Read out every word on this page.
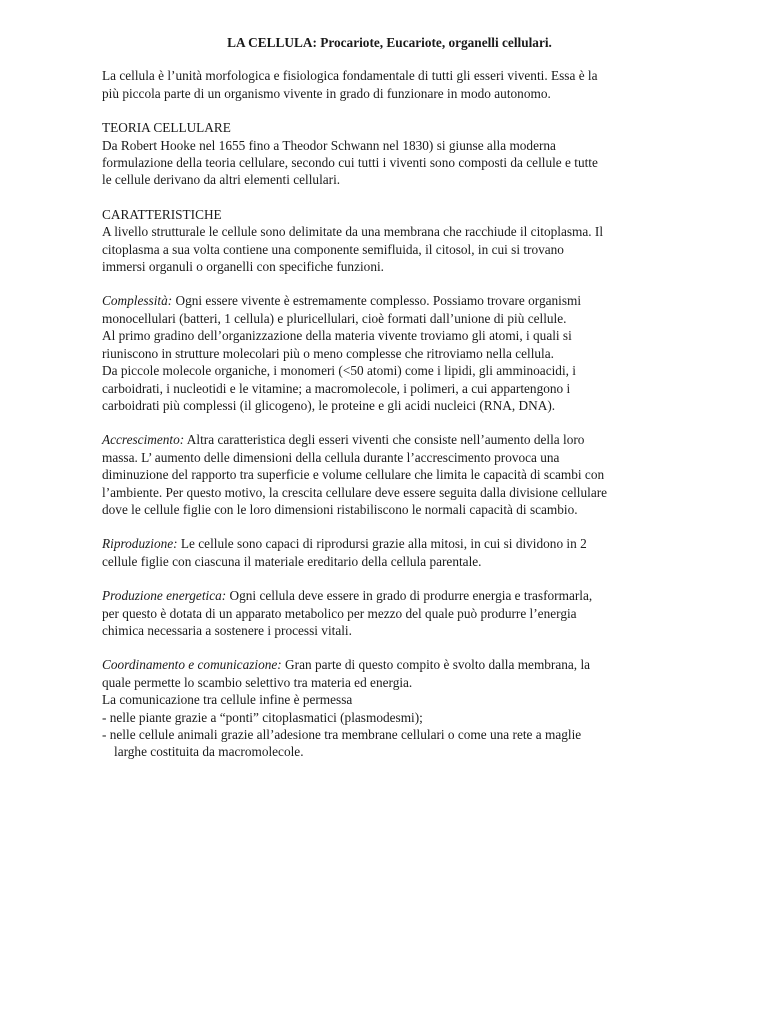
LA CELLULA: Procariote, Eucariote, organelli cellulari.
La cellula è l’unità morfologica e fisiologica fondamentale di tutti gli esseri viventi. Essa è la
più piccola parte di un organismo vivente in grado di funzionare in modo autonomo.
TEORIA CELLULARE
Da Robert Hooke nel 1655 fino a Theodor Schwann nel 1830) si giunse alla moderna
formulazione della teoria cellulare, secondo cui tutti i viventi sono composti da cellule e tutte
le cellule derivano da altri elementi cellulari.
CARATTERISTICHE
A livello strutturale le cellule sono delimitate da una membrana che racchiude il citoplasma. Il
citoplasma a sua volta contiene una componente semifluida, il citosol, in cui si trovano
immersi organuli o organelli con specifiche funzioni.
Complessità: Ogni essere vivente è estremamente complesso. Possiamo trovare organismi
monocellulari (batteri, 1 cellula) e pluricellulari, cioè formati dall’unione di più cellule.
Al primo gradino dell’organizzazione della materia vivente troviamo gli atomi, i quali si
riuniscono in strutture molecolari più o meno complesse che ritroviamo nella cellula.
Da piccole molecole organiche, i monomeri (<50 atomi) come i lipidi, gli amminoacidi, i
carboidrati, i nucleotidi e le vitamine; a macromolecole, i polimeri, a cui appartengono i
carboidrati più complessi (il glicogeno), le proteine e gli acidi nucleici (RNA, DNA).
Accrescimento: Altra caratteristica degli esseri viventi che consiste nell’aumento della loro
massa. L’ aumento delle dimensioni della cellula durante l’accrescimento provoca una
diminuzione del rapporto tra superficie e volume cellulare che limita le capacità di scambi con
l’ambiente. Per questo motivo, la crescita cellulare deve essere seguita dalla divisione cellulare
dove le cellule figlie con le loro dimensioni ristabiliscono le normali capacità di scambio.
Riproduzione: Le cellule sono capaci di riprodursi grazie alla mitosi, in cui si dividono in 2
cellule figlie con ciascuna il materiale ereditario della cellula parentale.
Produzione energetica: Ogni cellula deve essere in grado di produrre energia e trasformarla,
per questo è dotata di un apparato metabolico per mezzo del quale può produrre l’energia
chimica necessaria a sostenere i processi vitali.
Coordinamento e comunicazione: Gran parte di questo compito è svolto dalla membrana, la
quale permette lo scambio selettivo tra materia ed energia.
La comunicazione tra cellule infine è permessa
- nelle piante grazie a “ponti” citoplasmatici (plasmodesmi);
- nelle cellule animali grazie all’adesione tra membrane cellulari o come una rete a maglie
larghe costituita da macromolecole.
